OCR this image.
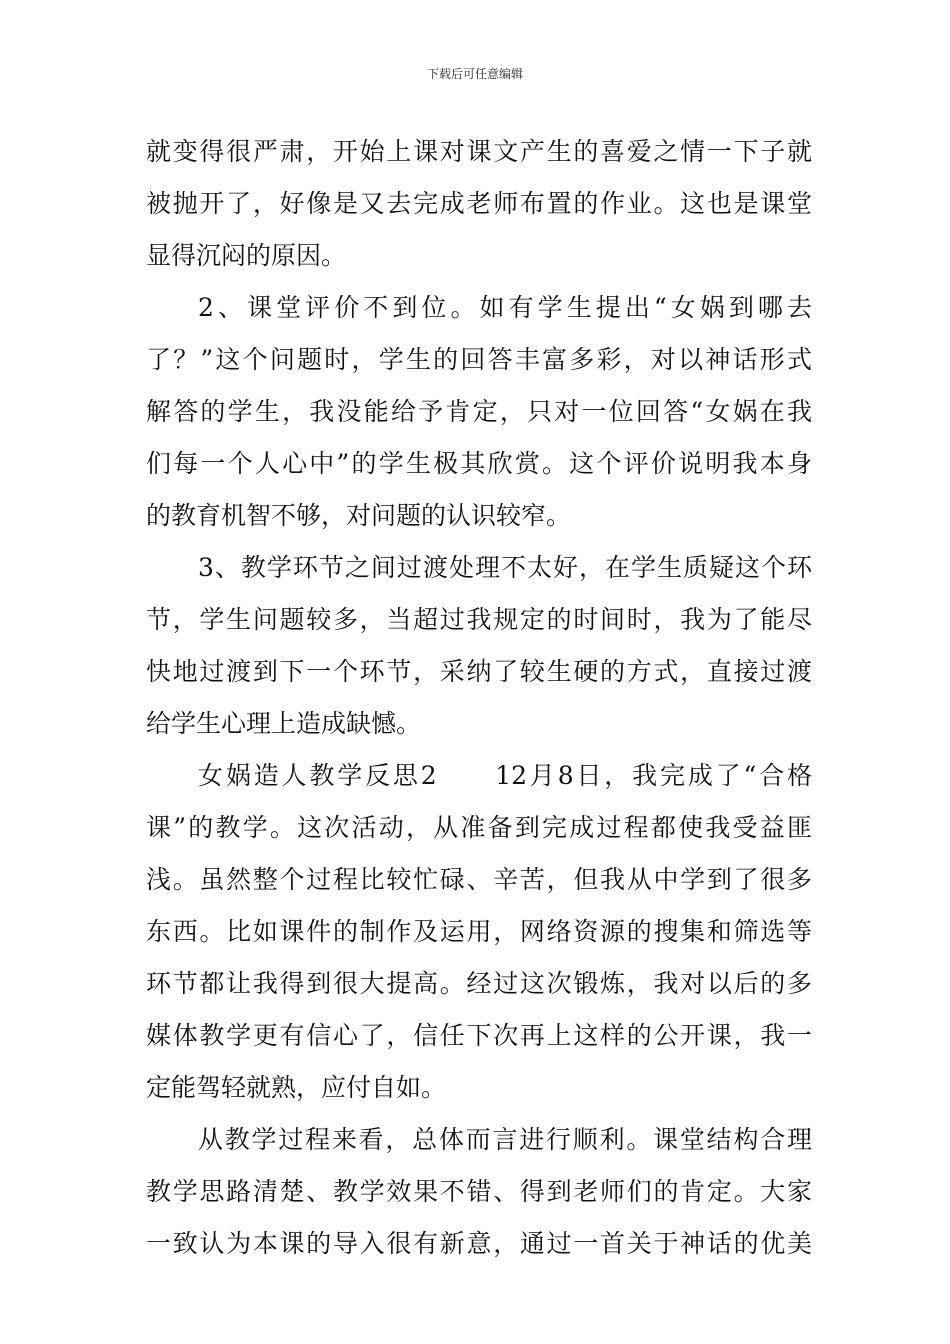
下载后可任意编辑
就变得很严肃，开始上课对课文产生的喜爱之情一下子就
被抛开了，好像是又去完成老师布置的作业。这也是课堂
显得沉闷的原因。
2、课堂评价不到位。如有学生提出“女娲到哪去
了？”这个问题时，学生的回答丰富多彩，对以神话形式
解答的学生，我没能给予肯定，只对一位回答“女娲在我
们每一个人心中”的学生极其欣赏。这个评价说明我本身
的教育机智不够，对问题的认识较窄。
3、教学环节之间过渡处理不太好，在学生质疑这个环
节，学生问题较多，当超过我规定的时间时，我为了能尽
快地过渡到下一个环节，采纳了较生硬的方式，直接过渡
给学生心理上造成缺憾。
女娲造人教学反思2　　12月8日，我完成了“合格
课”的教学。这次活动，从准备到完成过程都使我受益匪
浅。虽然整个过程比较忙碌、辛苦，但我从中学到了很多
东西。比如课件的制作及运用，网络资源的搜集和筛选等
环节都让我得到很大提高。经过这次锻炼，我对以后的多
媒体教学更有信心了，信任下次再上这样的公开课，我一
定能驾轻就熟，应付自如。
从教学过程来看，总体而言进行顺利。课堂结构合理
教学思路清楚、教学效果不错、得到老师们的肯定。大家
一致认为本课的导入很有新意，通过一首关于神话的优美
